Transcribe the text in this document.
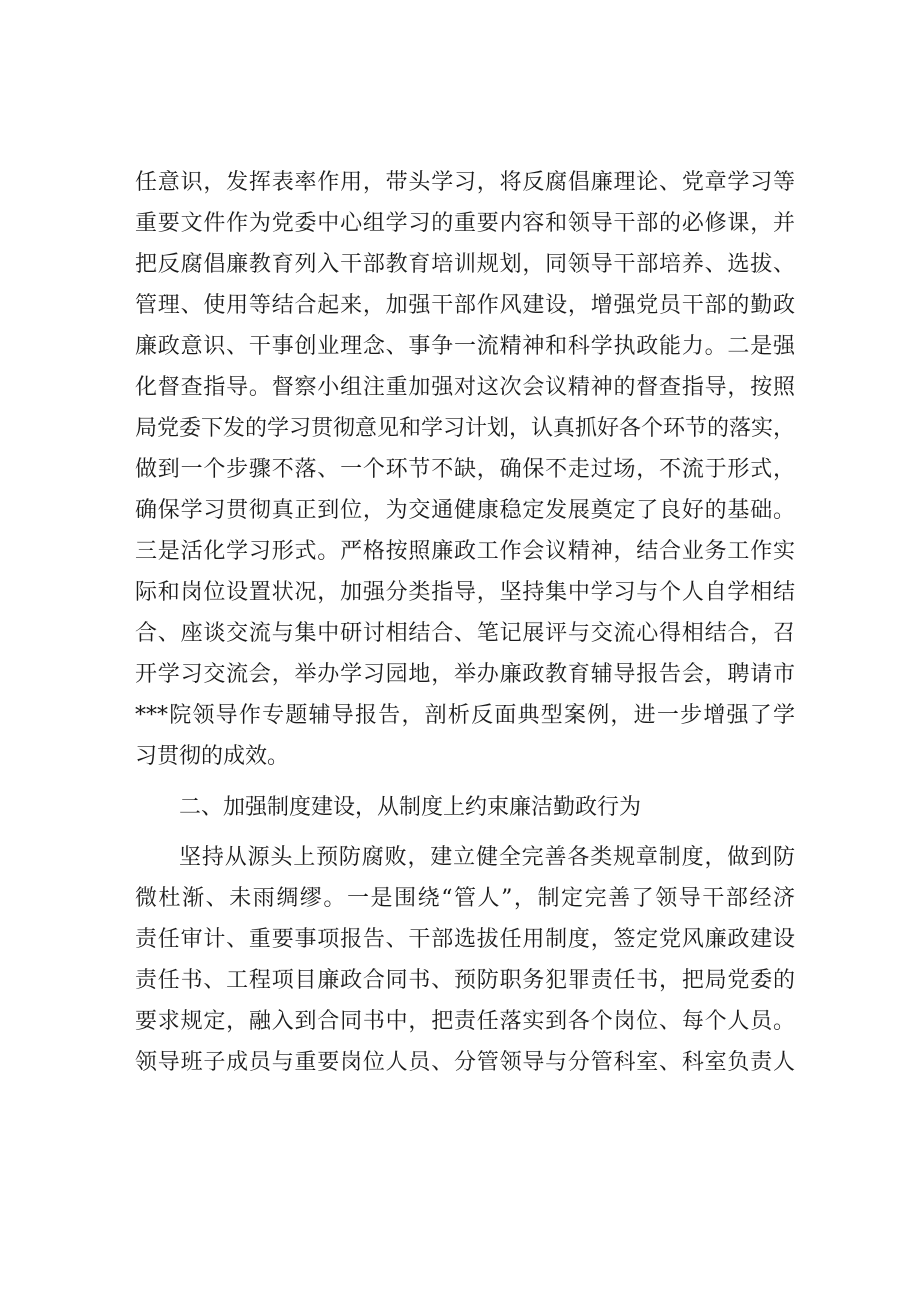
任意识，发挥表率作用，带头学习，将反腐倡廉理论、党章学习等
重要文件作为党委中心组学习的重要内容和领导干部的必修课，并
把反腐倡廉教育列入干部教育培训规划，同领导干部培养、选拔、
管理、使用等结合起来，加强干部作风建设，增强党员干部的勤政
廉政意识、干事创业理念、事争一流精神和科学执政能力。二是强
化督查指导。督察小组注重加强对这次会议精神的督查指导，按照
局党委下发的学习贯彻意见和学习计划，认真抓好各个环节的落实，
做到一个步骤不落、一个环节不缺，确保不走过场，不流于形式，
确保学习贯彻真正到位，为交通健康稳定发展奠定了良好的基础。
三是活化学习形式。严格按照廉政工作会议精神，结合业务工作实
际和岗位设置状况，加强分类指导，坚持集中学习与个人自学相结
合、座谈交流与集中研讨相结合、笔记展评与交流心得相结合，召
开学习交流会，举办学习园地，举办廉政教育辅导报告会，聘请市
***院领导作专题辅导报告，剖析反面典型案例，进一步增强了学
习贯彻的成效。
二、加强制度建设，从制度上约束廉洁勤政行为
坚持从源头上预防腐败，建立健全完善各类规章制度，做到防
微杜渐、未雨绸缪。一是围绕“管人”，制定完善了领导干部经济
责任审计、重要事项报告、干部选拔任用制度，签定党风廉政建设
责任书、工程项目廉政合同书、预防职务犯罪责任书，把局党委的
要求规定，融入到合同书中，把责任落实到各个岗位、每个人员。
领导班子成员与重要岗位人员、分管领导与分管科室、科室负责人
